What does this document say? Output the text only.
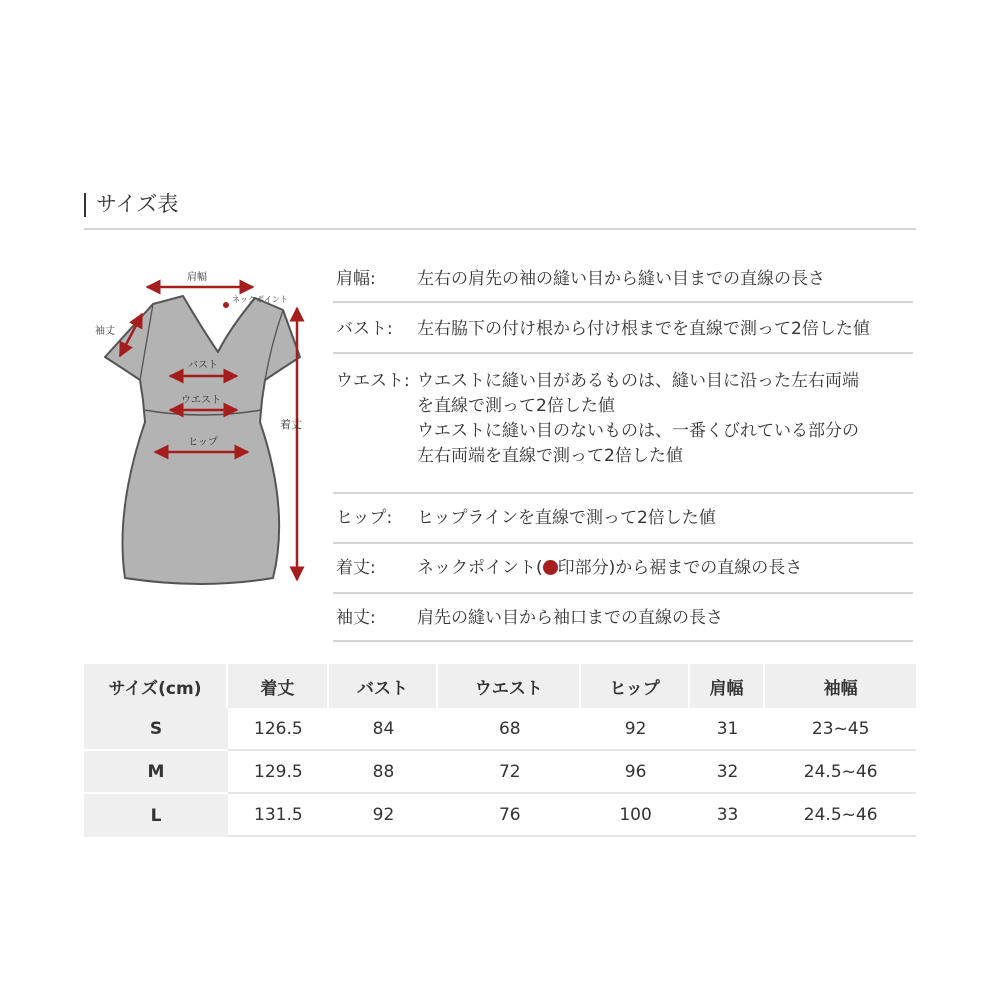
サイズ表
肩幅
ネックポイント
袖丈
バスト
ウエスト
ヒップ
着丈
肩幅: 左右の肩先の袖の縫い目から縫い目までの直線の長さ
バスト: 左右脇下の付け根から付け根までを直線で測って2倍した値
ウエスト: ウエストに縫い目があるものは、縫い目に沿った左右両端
を直線で測って2倍した値
ウエストに縫い目のないものは、一番くびれている部分の
左右両端を直線で測って2倍した値
ヒップ: ヒップラインを直線で測って2倍した値
着丈: ネックポイント( 印部分)から裾までの直線の長さ
袖丈: 肩先の縫い目から袖口までの直線の長さ
サイズ(cm)	着丈	バスト	ウエスト	ヒップ	肩幅	袖幅
S	126.5	84	68	92	31	23~45
M	129.5	88	72	96	32	24.5~46
L	131.5	92	76	100	33	24.5~46
